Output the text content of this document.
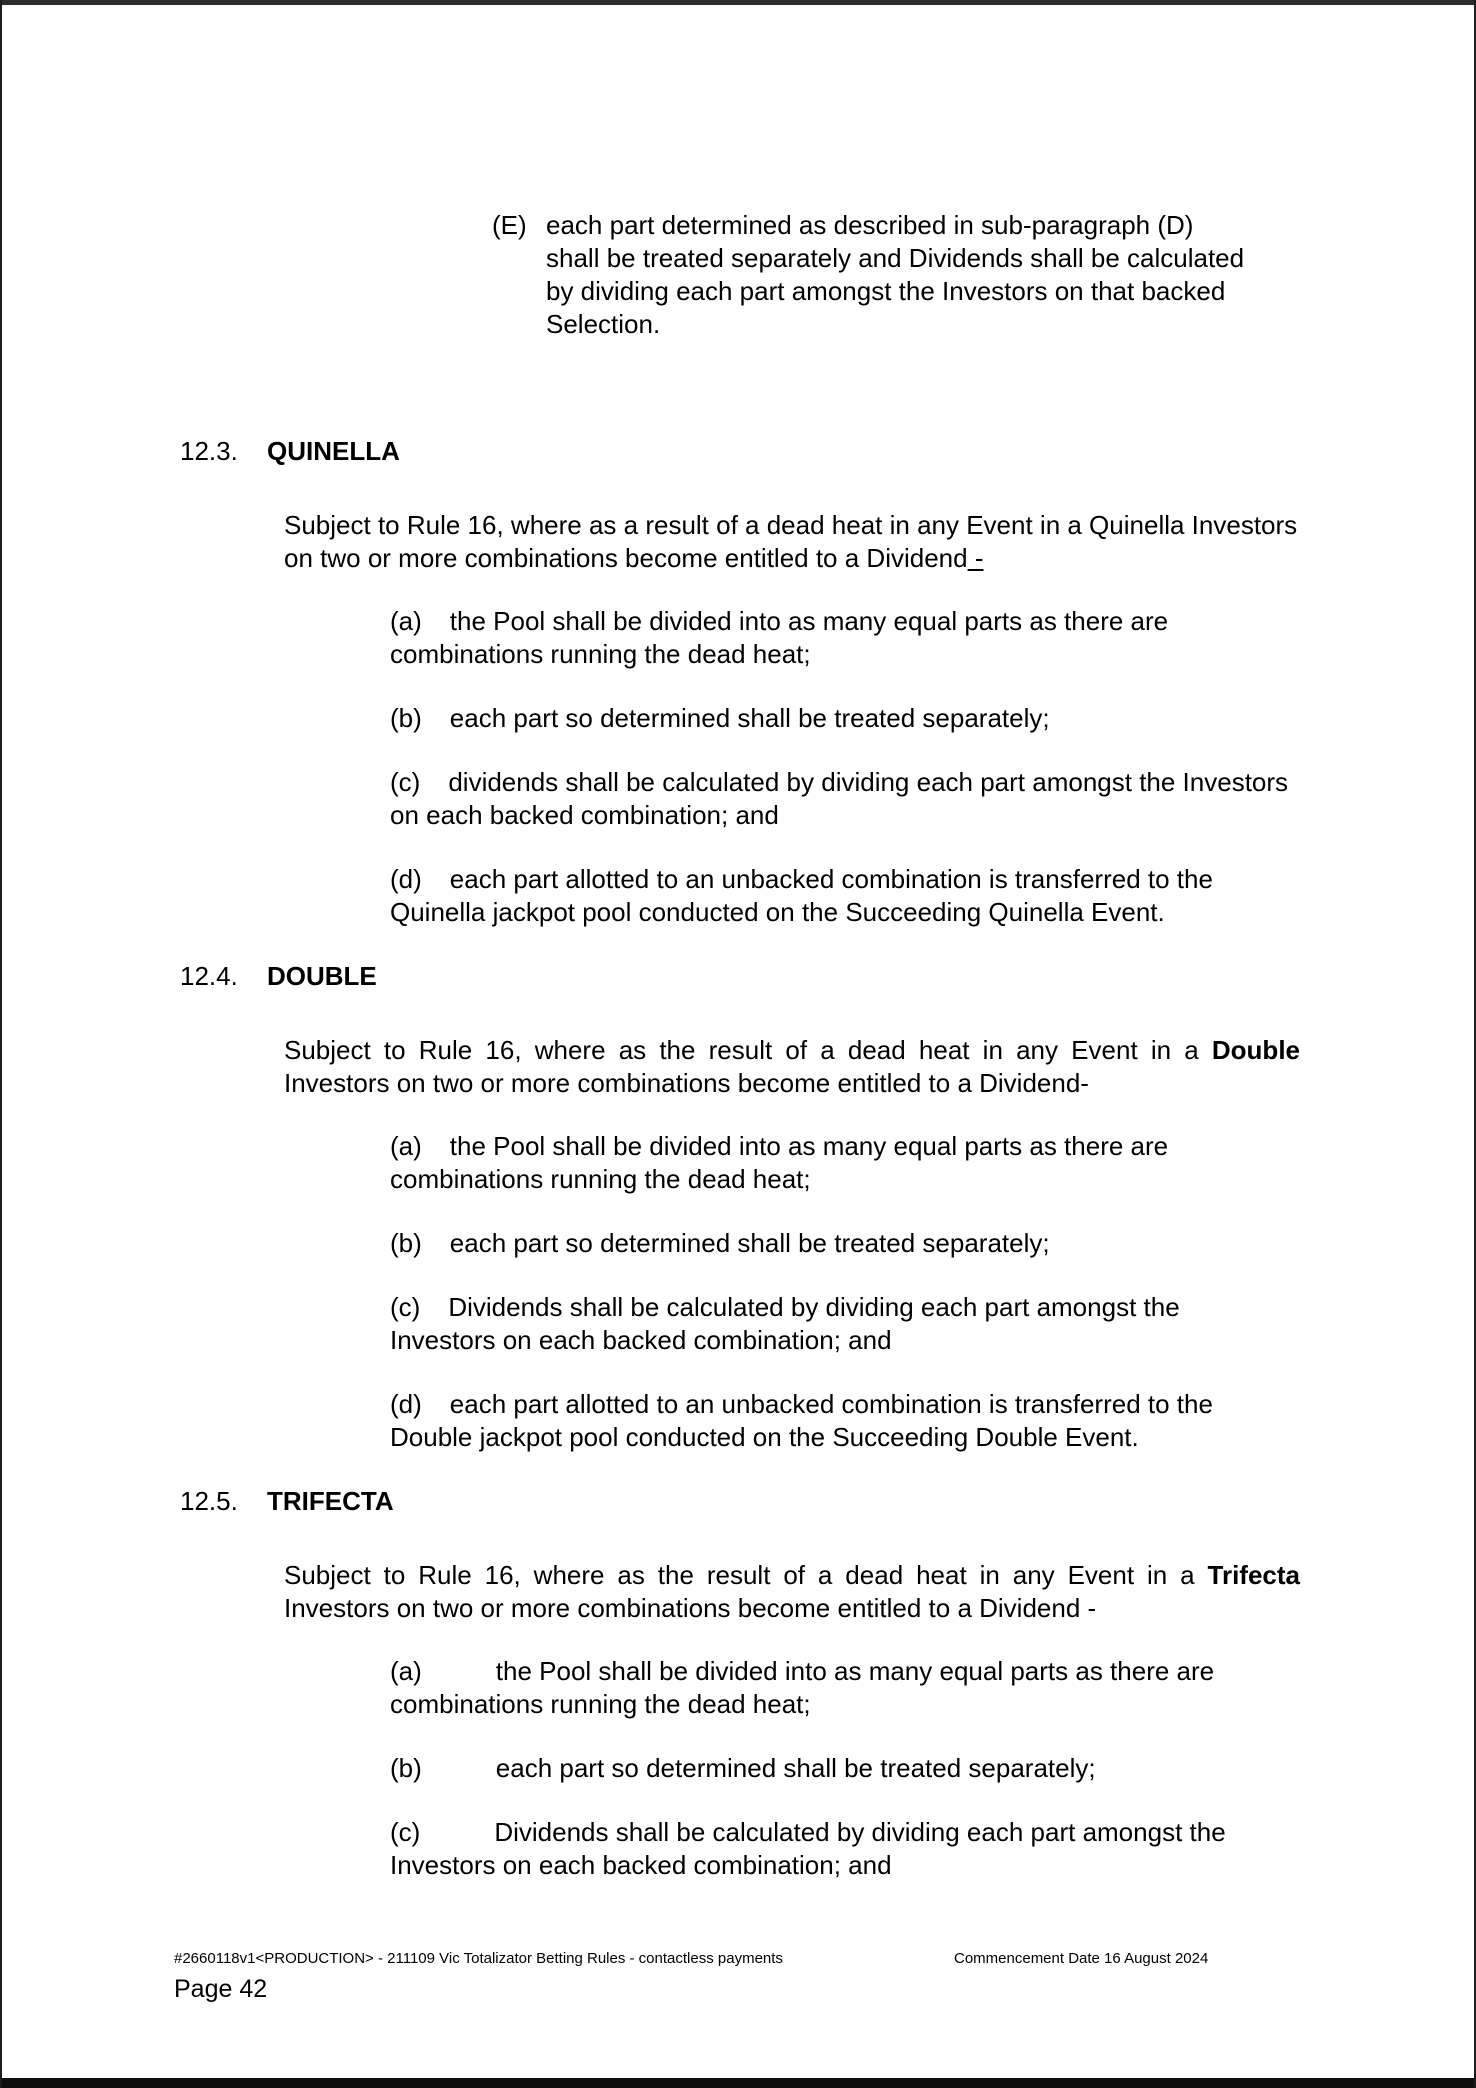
(E) each part determined as described in sub-paragraph (D) shall be treated separately and Dividends shall be calculated by dividing each part amongst the Investors on that backed Selection.
12.3. QUINELLA
Subject to Rule 16, where as a result of a dead heat in any Event in a Quinella Investors on two or more combinations become entitled to a Dividend -
(a) the Pool shall be divided into as many equal parts as there are combinations running the dead heat;
(b) each part so determined shall be treated separately;
(c) dividends shall be calculated by dividing each part amongst the Investors on each backed combination; and
(d) each part allotted to an unbacked combination is transferred to the Quinella jackpot pool conducted on the Succeeding Quinella Event.
12.4. DOUBLE
Subject to Rule 16, where as the result of a dead heat in any Event in a Double Investors on two or more combinations become entitled to a Dividend-
(a) the Pool shall be divided into as many equal parts as there are combinations running the dead heat;
(b) each part so determined shall be treated separately;
(c) Dividends shall be calculated by dividing each part amongst the Investors on each backed combination; and
(d) each part allotted to an unbacked combination is transferred to the Double jackpot pool conducted on the Succeeding Double Event.
12.5. TRIFECTA
Subject to Rule 16, where as the result of a dead heat in any Event in a Trifecta Investors on two or more combinations become entitled to a Dividend -
(a)	the Pool shall be divided into as many equal parts as there are combinations running the dead heat;
(b)	each part so determined shall be treated separately;
(c)	Dividends shall be calculated by dividing each part amongst the Investors on each backed combination; and
#2660118v1<PRODUCTION> - 211109 Vic Totalizator Betting Rules - contactless payments	Commencement Date 16 August 2024
Page 42
